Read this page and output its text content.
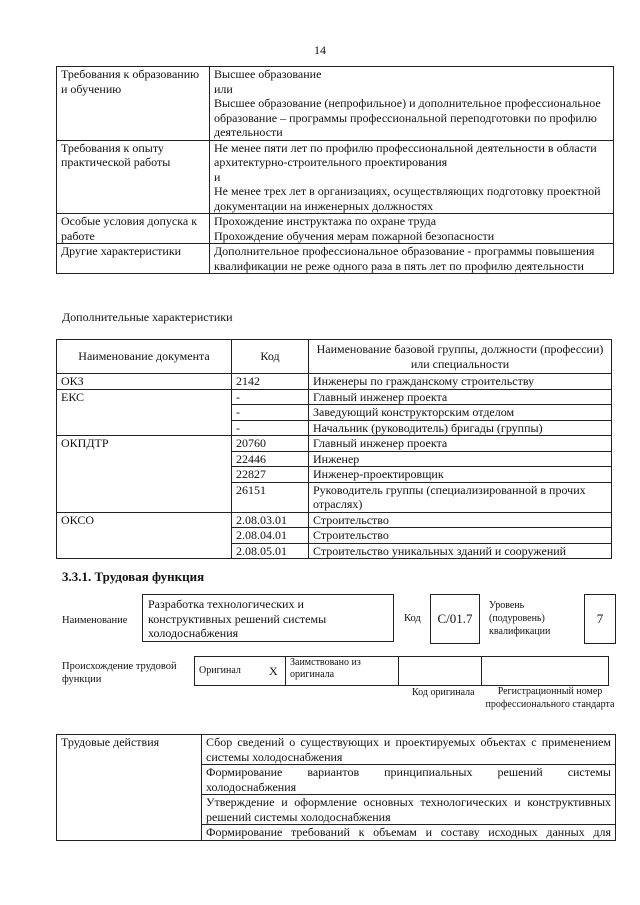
14
Требования к образованию и обучению	Высшее образование
или
Высшее образование (непрофильное) и дополнительное профессиональное образование – программы профессиональной переподготовки по профилю деятельности

Требования к опыту практической работы	Не менее пяти лет по профилю профессиональной деятельности в области архитектурно-строительного проектирования
и
Не менее трех лет в организациях, осуществляющих подготовку проектной документации на инженерных должностях

Особые условия допуска к работе	Прохождение инструктажа по охране труда
Прохождение обучения мерам пожарной безопасности

Другие характеристики	Дополнительное профессиональное образование - программы повышения квалификации не реже одного раза в пять лет по профилю деятельности
Дополнительные характеристики
Наименование документа	Код	Наименование базовой группы, должности (профессии) или специальности
ОКЗ	2142	Инженеры по гражданскому строительству
ЕКС	-	Главный инженер проекта
	-	Заведующий конструкторским отделом
	-	Начальник (руководитель) бригады (группы)
ОКПДТР	20760	Главный инженер проекта
	22446	Инженер
	22827	Инженер-проектировщик
	26151	Руководитель группы (специализированной в прочих отраслях)
ОКСО	2.08.03.01	Строительство
	2.08.04.01	Строительство
	2.08.05.01	Строительство уникальных зданий и сооружений
3.3.1. Трудовая функция
Наименование
Разработка технологических и конструктивных решений системы холодоснабжения
Код	С/01.7
Уровень (подуровень) квалификации
7
Происхождение трудовой функции
Оригинал	Х	Заимствовано из оригинала		
Код оригинала	Регистрационный номер профессионального стандарта
Трудовые действия	Сбор сведений о существующих и проектируемых объектах с применением системы холодоснабжения
Формирование вариантов принципиальных решений системы холодоснабжения
Утверждение и оформление основных технологических и конструктивных решений системы холодоснабжения
Формирование требований к объемам и составу исходных данных для
